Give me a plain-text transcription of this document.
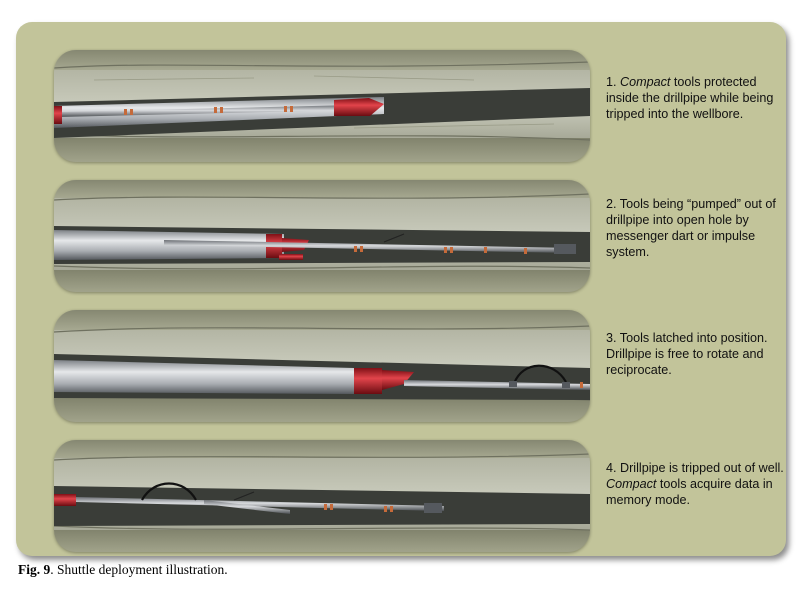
1. Compact tools protected inside the drillpipe while being tripped into the wellbore.
2. Tools being “pumped” out of drillpipe into open hole by messenger dart or impulse system.
3. Tools latched into position. Drillpipe is free to rotate and reciprocate.
4. Drillpipe is tripped out of well. Compact tools acquire data in memory mode.
Fig. 9. Shuttle deployment illustration.
